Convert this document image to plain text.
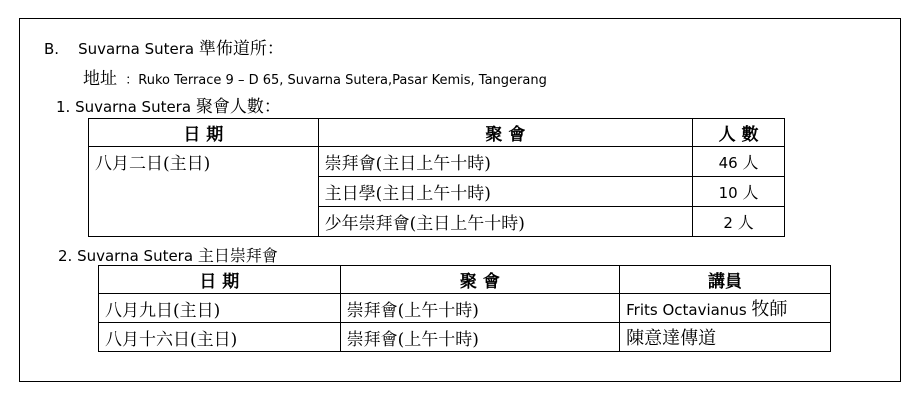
B. Suvarna Sutera 準佈道所：
地址 ：Ruko Terrace 9 – D 65, Suvarna Sutera,Pasar Kemis, Tangerang
1. Suvarna Sutera 聚會人數：
日 期	聚 會	人 數
八月二日(主日)	崇拜會(主日上午十時)	46 人
	主日學(主日上午十時)	10 人
	少年崇拜會(主日上午十時)	2 人
2. Suvarna Sutera 主日崇拜會
日 期	聚 會	講員
八月九日(主日)	崇拜會(上午十時)	Frits Octavianus 牧師
八月十六日(主日)	崇拜會(上午十時)	陳意達傳道
